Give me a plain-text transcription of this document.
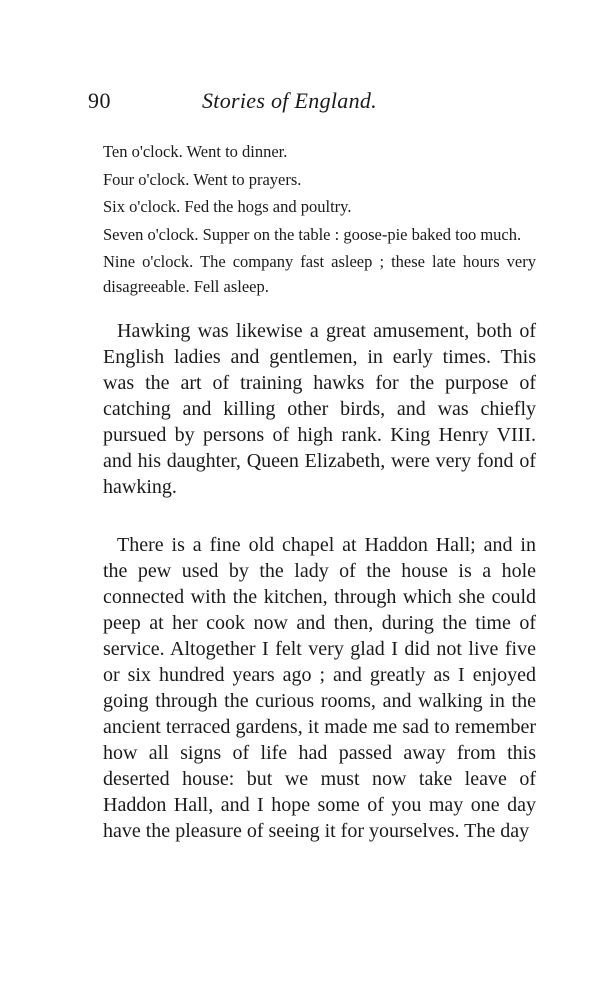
90	Stories of England.

Ten o'clock. Went to dinner.

Four o'clock. Went to prayers.

Six o'clock. Fed the hogs and poultry.

Seven o'clock. Supper on the table : goose-pie baked too much.

Nine o'clock. The company fast asleep ; these late hours very disagreeable. Fell asleep.

Hawking was likewise a great amusement, both of English ladies and gentlemen, in early times. This was the art of training hawks for the purpose of catching and killing other birds, and was chiefly pursued by persons of high rank. King Henry VIII. and his daughter, Queen Elizabeth, were very fond of hawking.

There is a fine old chapel at Haddon Hall; and in the pew used by the lady of the house is a hole connected with the kitchen, through which she could peep at her cook now and then, during the time of service. Altogether I felt very glad I did not live five or six hundred years ago ; and greatly as I enjoyed going through the curious rooms, and walking in the ancient terraced gardens, it made me sad to remember how all signs of life had passed away from this deserted house: but we must now take leave of Haddon Hall, and I hope some of you may one day have the pleasure of seeing it for yourselves. The day
